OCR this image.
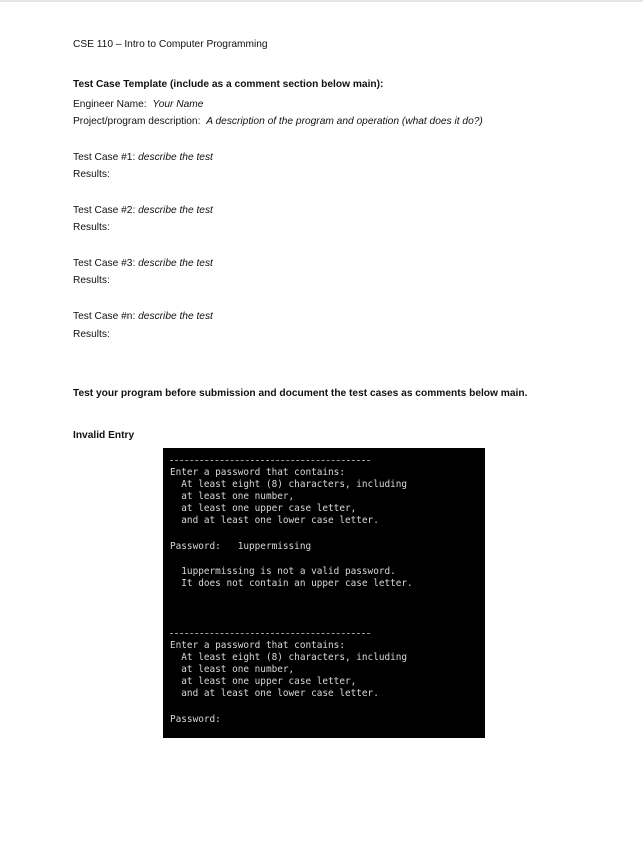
CSE 110 – Intro to Computer Programming
Test Case Template (include as a comment section below main):
Engineer Name: Your Name
Project/program description: A description of the program and operation (what does it do?)
Test Case #1: describe the test
Results:
Test Case #2: describe the test
Results:
Test Case #3: describe the test
Results:
Test Case #n: describe the test
Results:
Test your program before submission and document the test cases as comments below main.
Invalid Entry
Enter a password that contains:
At least eight (8) characters, including
at least one number,
at least one upper case letter,
and at least one lower case letter.
Password:   1uppermissing
1uppermissing is not a valid password.
It does not contain an upper case letter.
Enter a password that contains:
At least eight (8) characters, including
at least one number,
at least one upper case letter,
and at least one lower case letter.
Password:
